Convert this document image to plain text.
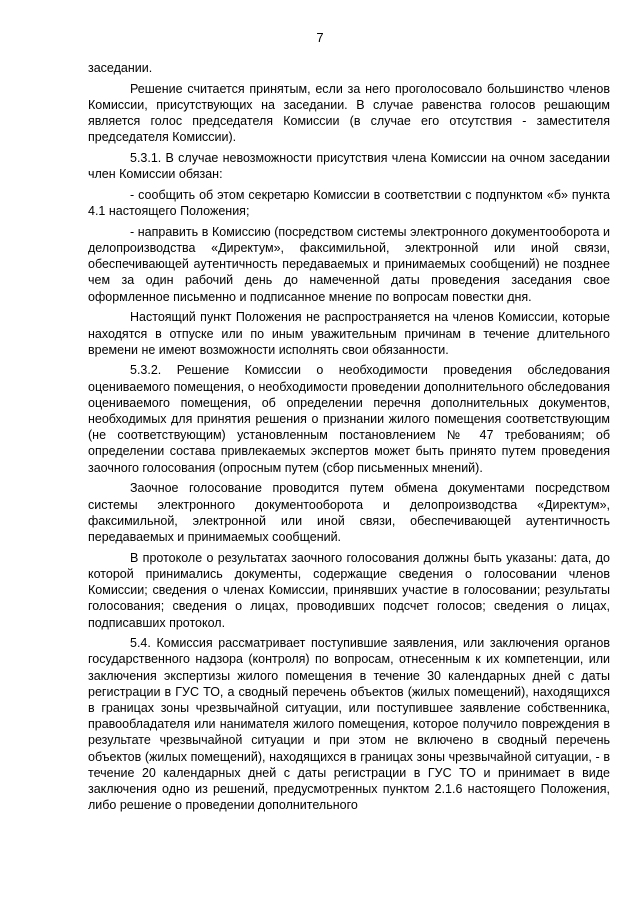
7

заседании.

Решение считается принятым, если за него проголосовало большинство членов Комиссии, присутствующих на заседании. В случае равенства голосов решающим является голос председателя Комиссии (в случае его отсутствия - заместителя председателя Комиссии).

5.3.1. В случае невозможности присутствия члена Комиссии на очном заседании член Комиссии обязан:

- сообщить об этом секретарю Комиссии в соответствии с подпунктом «б» пункта 4.1 настоящего Положения;

- направить в Комиссию (посредством системы электронного документооборота и делопроизводства «Директум», факсимильной, электронной или иной связи, обеспечивающей аутентичность передаваемых и принимаемых сообщений) не позднее чем за один рабочий день до намеченной даты проведения заседания свое оформленное письменно и подписанное мнение по вопросам повестки дня.

Настоящий пункт Положения не распространяется на членов Комиссии, которые находятся в отпуске или по иным уважительным причинам в течение длительного времени не имеют возможности исполнять свои обязанности.

5.3.2. Решение Комиссии о необходимости проведения обследования оцениваемого помещения, о необходимости проведении дополнительного обследования оцениваемого помещения, об определении перечня дополнительных документов, необходимых для принятия решения о признании жилого помещения соответствующим (не соответствующим) установленным постановлением № 47 требованиям; об определении состава привлекаемых экспертов может быть принято путем проведения заочного голосования (опросным путем (сбор письменных мнений).

Заочное голосование проводится путем обмена документами посредством системы электронного документооборота и делопроизводства «Директум», факсимильной, электронной или иной связи, обеспечивающей аутентичность передаваемых и принимаемых сообщений.

В протоколе о результатах заочного голосования должны быть указаны: дата, до которой принимались документы, содержащие сведения о голосовании членов Комиссии; сведения о членах Комиссии, принявших участие в голосовании; результаты голосования; сведения о лицах, проводивших подсчет голосов; сведения о лицах, подписавших протокол.

5.4. Комиссия рассматривает поступившие заявления, или заключения органов государственного надзора (контроля) по вопросам, отнесенным к их компетенции, или заключения экспертизы жилого помещения в течение 30 календарных дней с даты регистрации в ГУС ТО, а сводный перечень объектов (жилых помещений), находящихся в границах зоны чрезвычайной ситуации, или поступившее заявление собственника, правообладателя или нанимателя жилого помещения, которое получило повреждения в результате чрезвычайной ситуации и при этом не включено в сводный перечень объектов (жилых помещений), находящихся в границах зоны чрезвычайной ситуации, - в течение 20 календарных дней с даты регистрации в ГУС ТО и принимает в виде заключения одно из решений, предусмотренных пунктом 2.1.6 настоящего Положения, либо решение о проведении дополнительного
